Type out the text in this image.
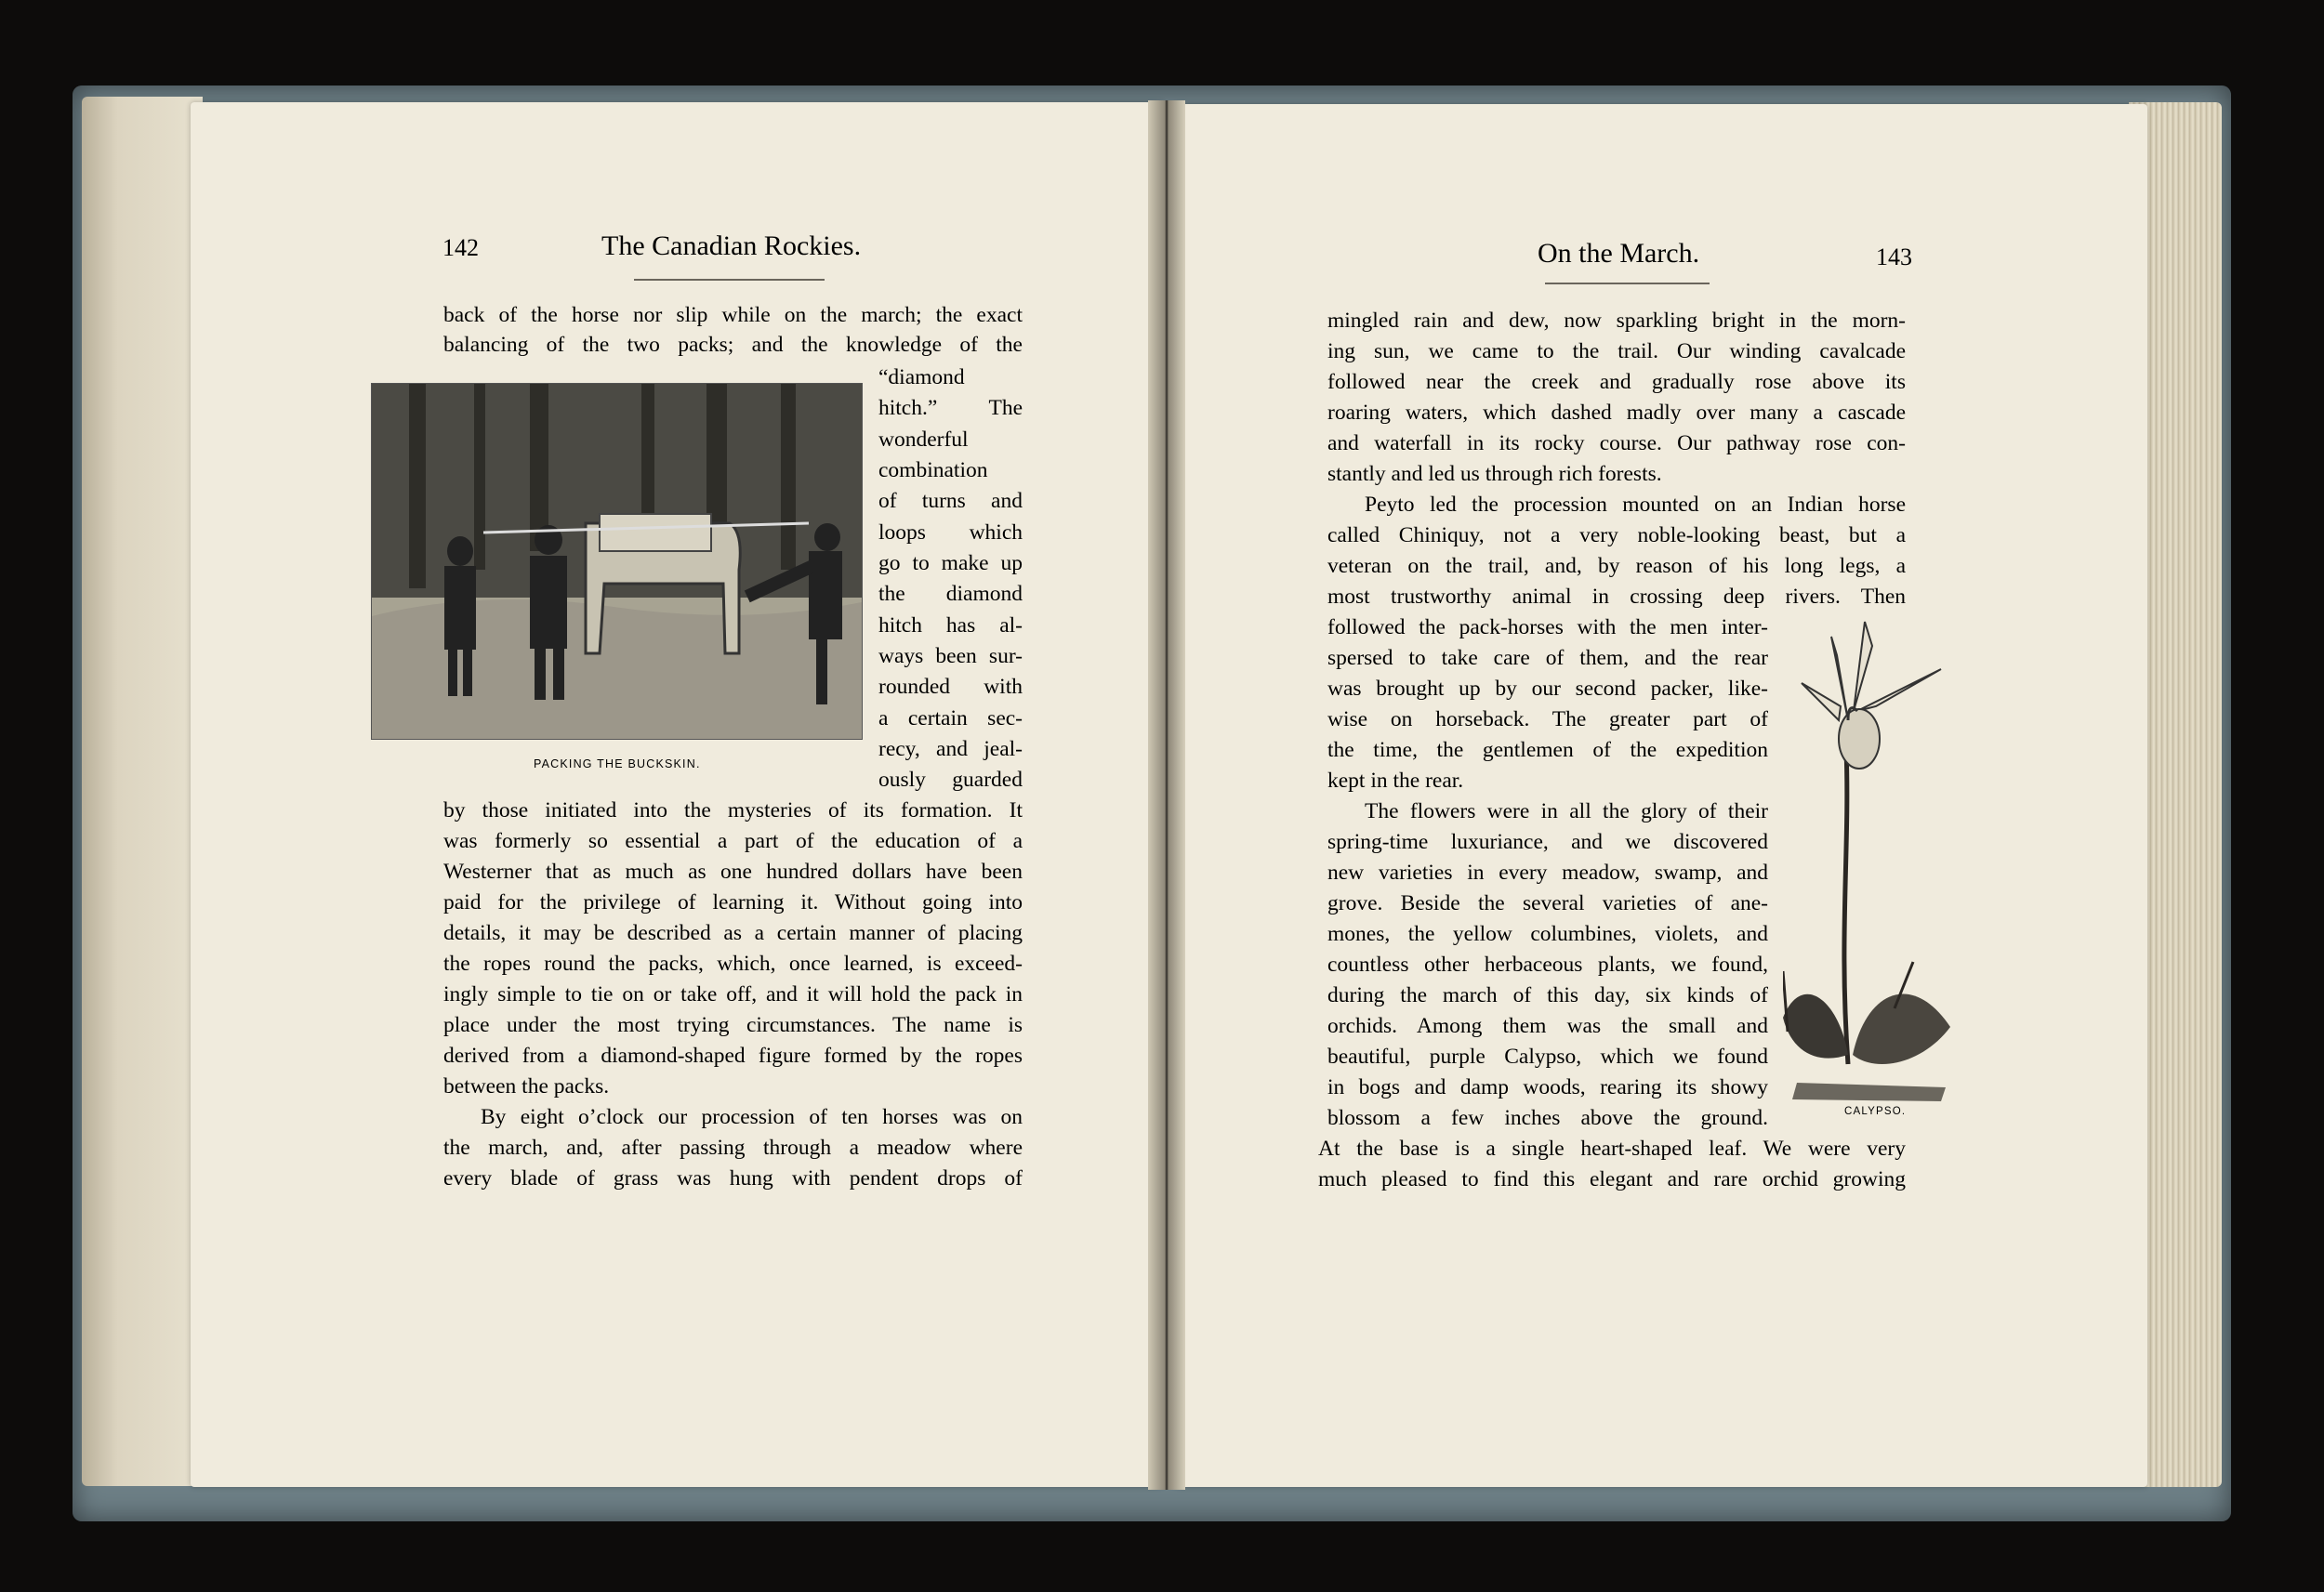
142	The Canadian Rockies.
PACKING THE BUCKSKIN.
back of the horse nor slip while on the march; the exact
balancing of the two packs; and the knowledge of the
“diamond
hitch.” The
wonderful
combination
of turns and
loops which
go to make up
the diamond
hitch has al-
ways been sur-
rounded with
a certain sec-
recy, and jeal-
ously guarded
by those initiated into the mysteries of its formation. It
was formerly so essential a part of the education of a
Westerner that as much as one hundred dollars have been
paid for the privilege of learning it. Without going into
details, it may be described as a certain manner of placing
the ropes round the packs, which, once learned, is exceed-
ingly simple to tie on or take off, and it will hold the pack in
place under the most trying circumstances. The name is
derived from a diamond-shaped figure formed by the ropes
between the packs.
By eight o’clock our procession of ten horses was on
the march, and, after passing through a meadow where
every blade of grass was hung with pendent drops of
On the March.	143
mingled rain and dew, now sparkling bright in the morn-
ing sun, we came to the trail. Our winding cavalcade
followed near the creek and gradually rose above its
roaring waters, which dashed madly over many a cascade
and waterfall in its rocky course. Our pathway rose con-
stantly and led us through rich forests.
Peyto led the procession mounted on an Indian horse
called Chiniquy, not a very noble-looking beast, but a
veteran on the trail, and, by reason of his long legs, a
most trustworthy animal in crossing deep rivers. Then
followed the pack-horses with the men inter-
spersed to take care of them, and the rear
was brought up by our second packer, like-
wise on horseback. The greater part of
the time, the gentlemen of the expedition
kept in the rear.
The flowers were in all the glory of their
spring-time luxuriance, and we discovered
new varieties in every meadow, swamp, and
grove. Beside the several varieties of ane-
mones, the yellow columbines, violets, and
countless other herbaceous plants, we found,
during the march of this day, six kinds of
orchids. Among them was the small and
beautiful, purple Calypso, which we found
in bogs and damp woods, rearing its showy
blossom a few inches above the ground.
At the base is a single heart-shaped leaf. We were very
much pleased to find this elegant and rare orchid growing
CALYPSO.
